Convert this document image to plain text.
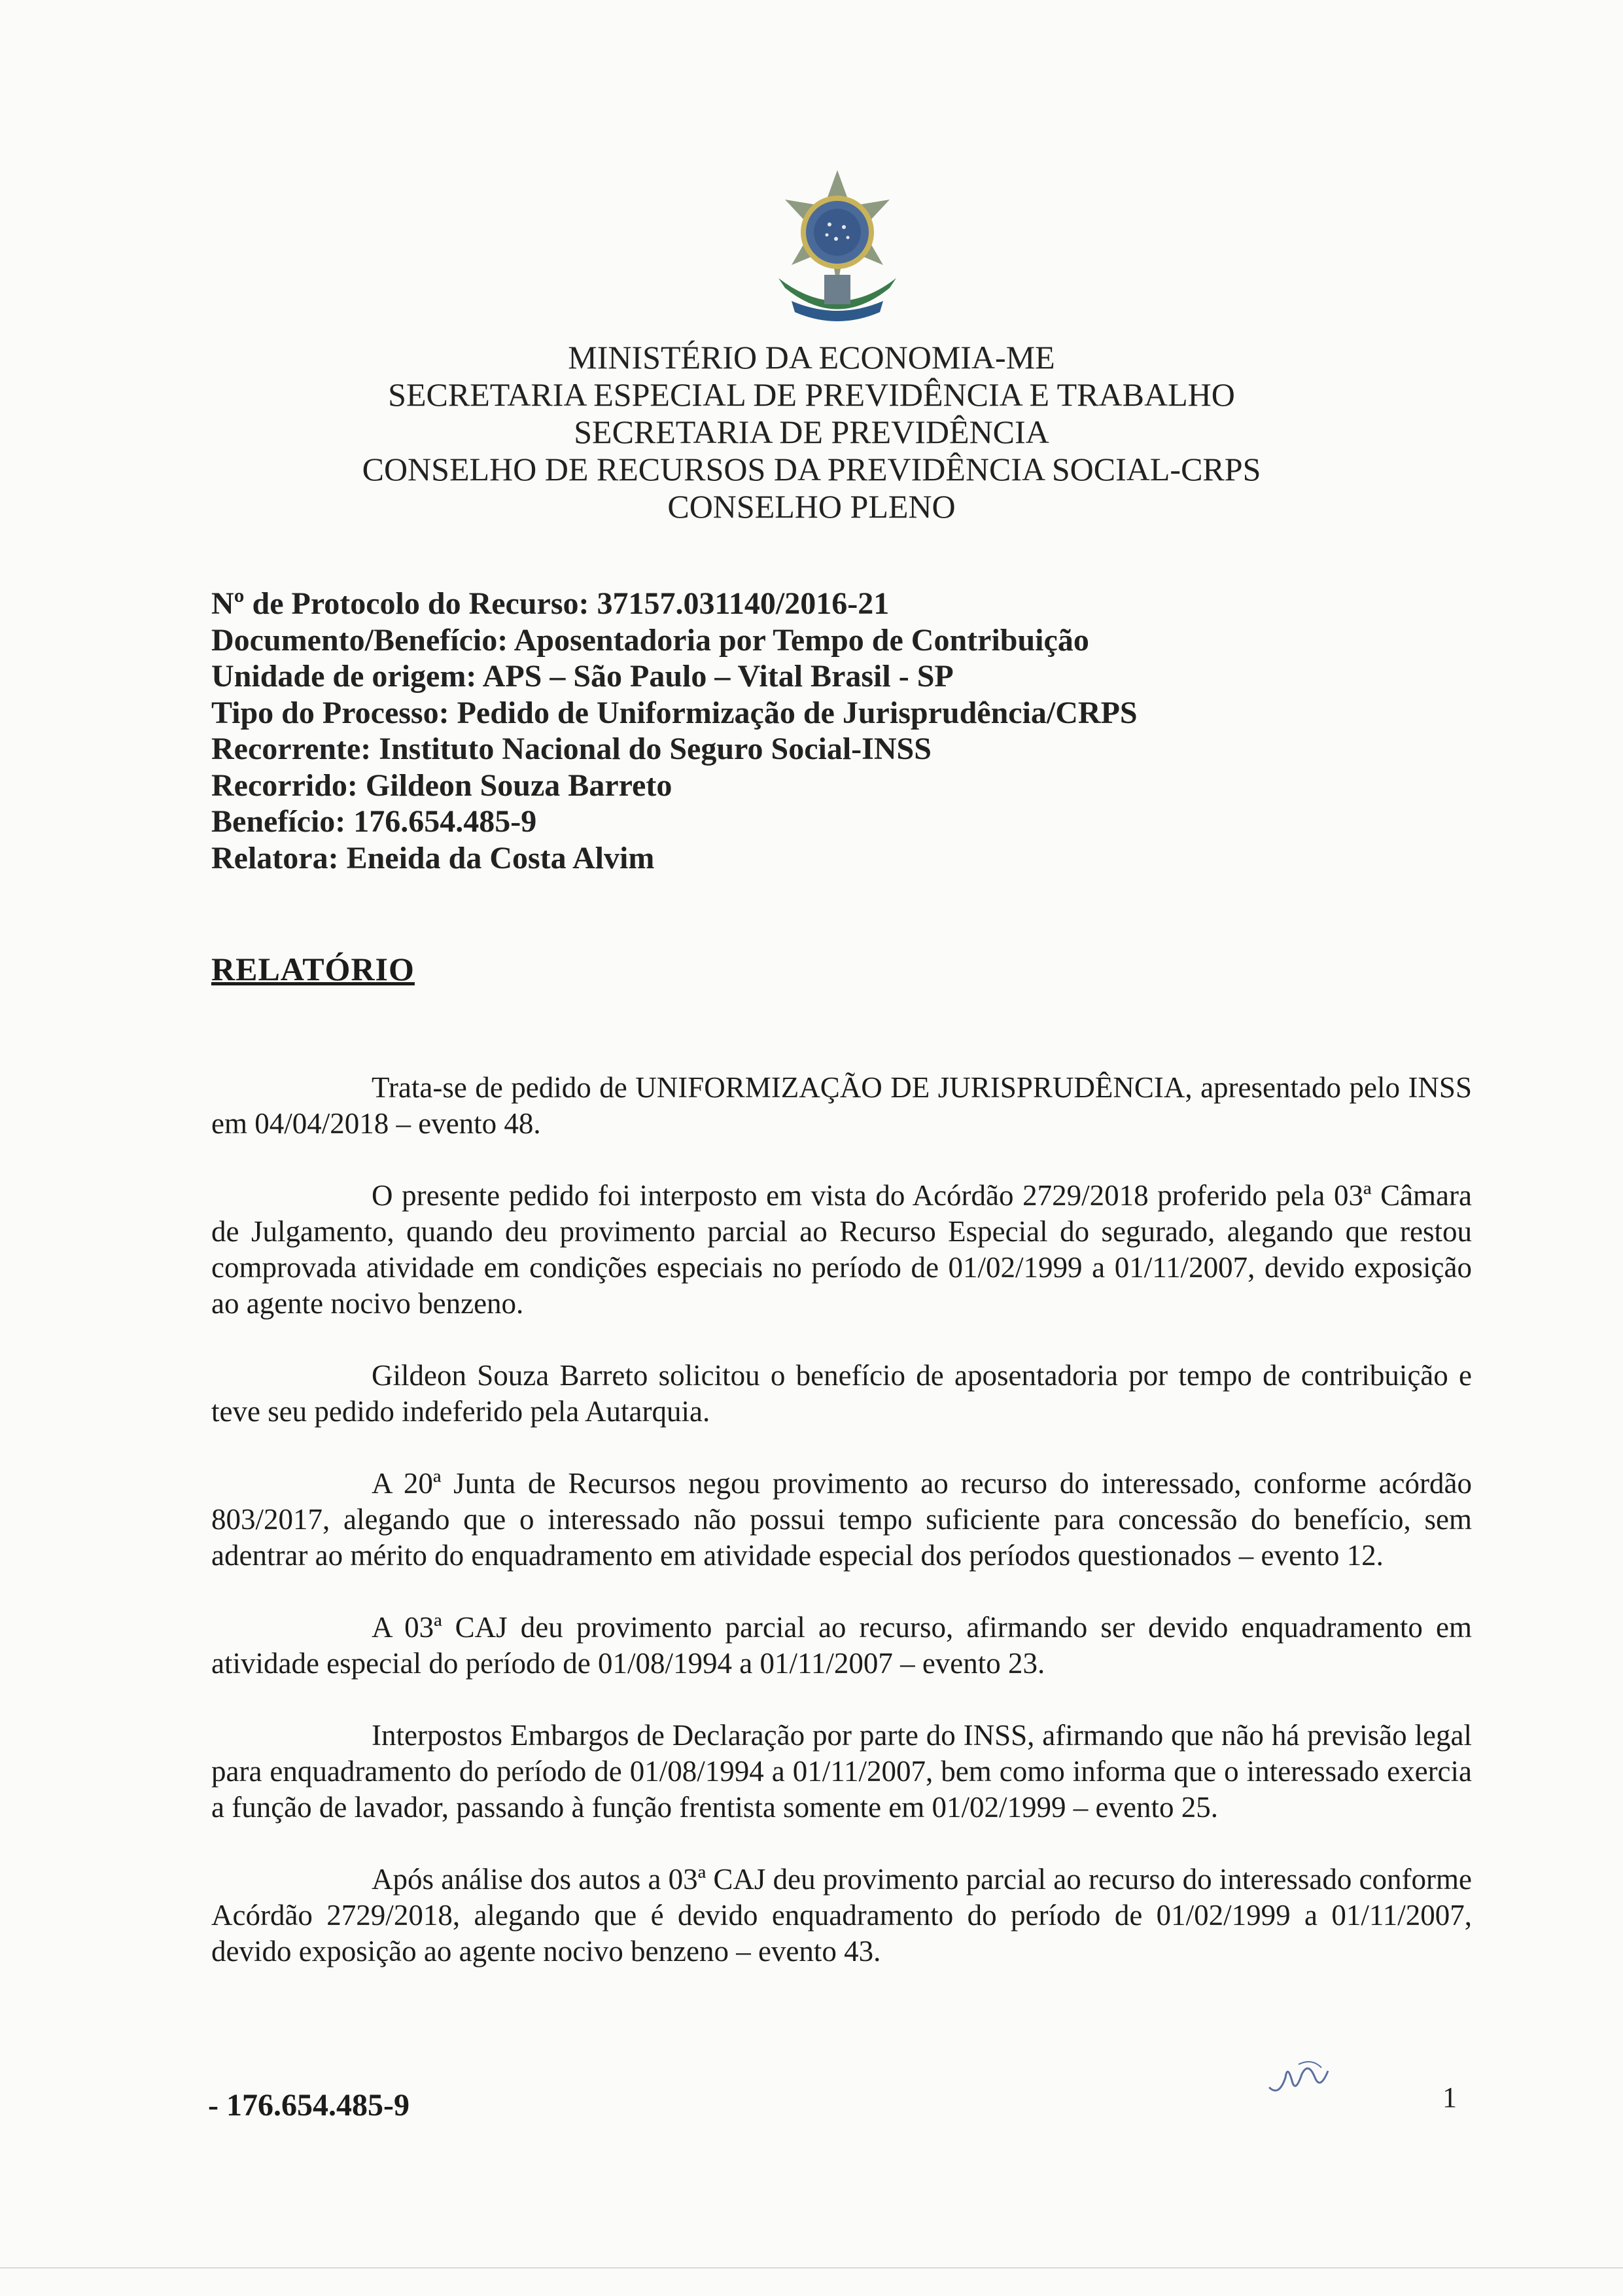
MINISTÉRIO DA ECONOMIA-ME
SECRETARIA ESPECIAL DE PREVIDÊNCIA E TRABALHO
SECRETARIA DE PREVIDÊNCIA
CONSELHO DE RECURSOS DA PREVIDÊNCIA SOCIAL-CRPS
CONSELHO PLENO
Nº de Protocolo do Recurso: 37157.031140/2016-21
Documento/Benefício: Aposentadoria por Tempo de Contribuição
Unidade de origem: APS – São Paulo – Vital Brasil - SP
Tipo do Processo: Pedido de Uniformização de Jurisprudência/CRPS
Recorrente: Instituto Nacional do Seguro Social-INSS
Recorrido: Gildeon Souza Barreto
Benefício: 176.654.485-9
Relatora: Eneida da Costa Alvim
RELATÓRIO

Trata-se de pedido de UNIFORMIZAÇÃO DE JURISPRUDÊNCIA, apresentado pelo INSS em 04/04/2018 – evento 48.

O presente pedido foi interposto em vista do Acórdão 2729/2018 proferido pela 03ª Câmara de Julgamento, quando deu provimento parcial ao Recurso Especial do segurado, alegando que restou comprovada atividade em condições especiais no período de 01/02/1999 a 01/11/2007, devido exposição ao agente nocivo benzeno.

Gildeon Souza Barreto solicitou o benefício de aposentadoria por tempo de contribuição e teve seu pedido indeferido pela Autarquia.

A 20ª Junta de Recursos negou provimento ao recurso do interessado, conforme acórdão 803/2017, alegando que o interessado não possui tempo suficiente para concessão do benefício, sem adentrar ao mérito do enquadramento em atividade especial dos períodos questionados – evento 12.

A 03ª CAJ deu provimento parcial ao recurso, afirmando ser devido enquadramento em atividade especial do período de 01/08/1994 a 01/11/2007 – evento 23.

Interpostos Embargos de Declaração por parte do INSS, afirmando que não há previsão legal para enquadramento do período de 01/08/1994 a 01/11/2007, bem como informa que o interessado exercia a função de lavador, passando à função frentista somente em 01/02/1999 – evento 25.

Após análise dos autos a 03ª CAJ deu provimento parcial ao recurso do interessado conforme Acórdão 2729/2018, alegando que é devido enquadramento do período de 01/02/1999 a 01/11/2007, devido exposição ao agente nocivo benzeno – evento 43.

- 176.654.485-9	1
